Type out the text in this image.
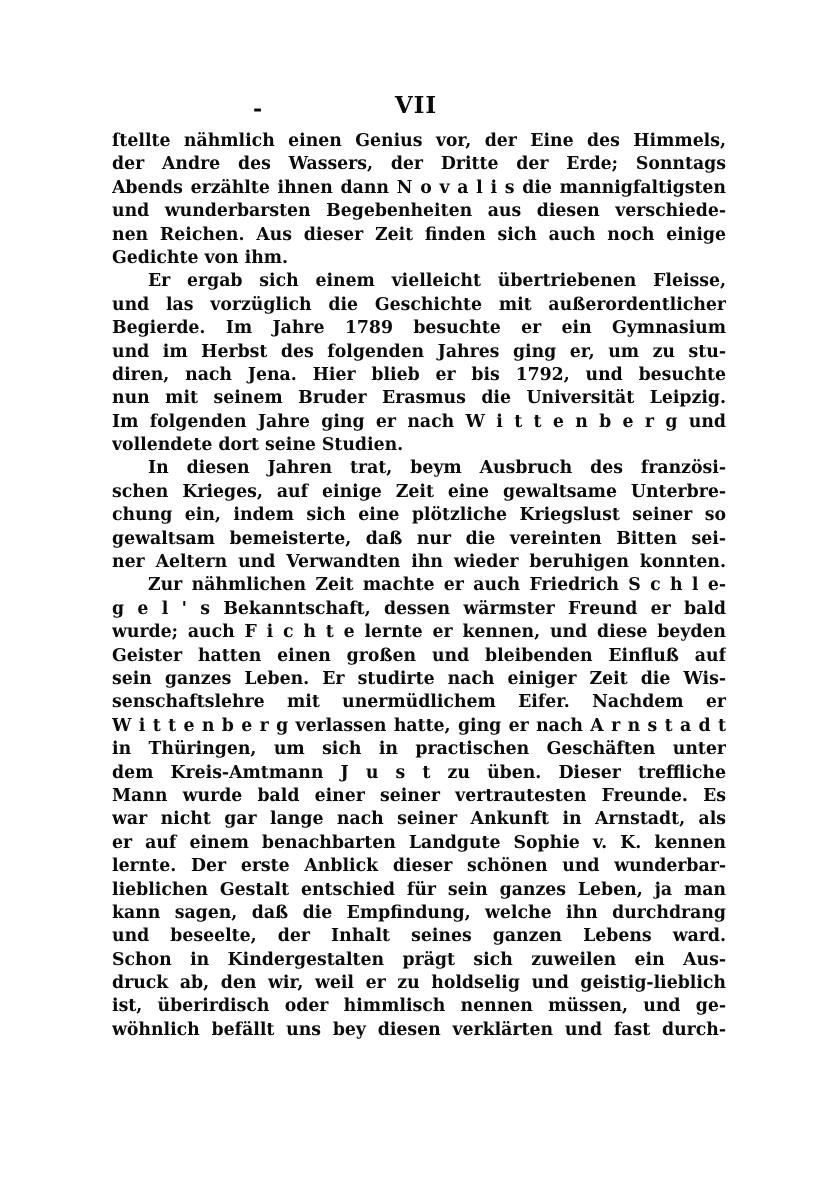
-	VII
ſtellte nähmlich einen Genius vor, der Eine des Himmels,
der Andre des Wassers, der Dritte der Erde; Sonntags
Abends erzählte ihnen dann N o v a l i s die mannigfaltigsten
und wunderbarsten Begebenheiten aus diesen verschiede-
nen Reichen. Aus dieser Zeit finden sich auch noch einige
Gedichte von ihm.
Er ergab sich einem vielleicht übertriebenen Fleisse,
und las vorzüglich die Geschichte mit außerordentlicher
Begierde. Im Jahre 1789 besuchte er ein Gymnasium
und im Herbst des folgenden Jahres ging er, um zu stu-
diren, nach Jena. Hier blieb er bis 1792, und besuchte
nun mit seinem Bruder Erasmus die Universität Leipzig.
Im folgenden Jahre ging er nach W i t t e n b e r g und
vollendete dort seine Studien.
In diesen Jahren trat, beym Ausbruch des französi-
schen Krieges, auf einige Zeit eine gewaltsame Unterbre-
chung ein, indem sich eine plötzliche Kriegslust seiner so
gewaltsam bemeisterte, daß nur die vereinten Bitten sei-
ner Aeltern und Verwandten ihn wieder beruhigen konnten.
Zur nähmlichen Zeit machte er auch Friedrich S c h l e-
g e l ' s Bekanntschaft, dessen wärmster Freund er bald
wurde; auch F i c h t e lernte er kennen, und diese beyden
Geister hatten einen großen und bleibenden Einfluß auf
sein ganzes Leben. Er studirte nach einiger Zeit die Wis-
senschaftslehre mit unermüdlichem Eifer. Nachdem er
W i t t e n b e r g verlassen hatte, ging er nach A r n s t a d t
in Thüringen, um sich in practischen Geschäften unter
dem Kreis-Amtmann J u s t zu üben. Dieser treffliche
Mann wurde bald einer seiner vertrautesten Freunde. Es
war nicht gar lange nach seiner Ankunft in Arnstadt, als
er auf einem benachbarten Landgute Sophie v. K. kennen
lernte. Der erste Anblick dieser schönen und wunderbar-
lieblichen Gestalt entschied für sein ganzes Leben, ja man
kann sagen, daß die Empfindung, welche ihn durchdrang
und beseelte, der Inhalt seines ganzen Lebens ward.
Schon in Kindergestalten prägt sich zuweilen ein Aus-
druck ab, den wir, weil er zu holdselig und geistig-lieblich
ist, überirdisch oder himmlisch nennen müssen, und ge-
wöhnlich befällt uns bey diesen verklärten und fast durch-
